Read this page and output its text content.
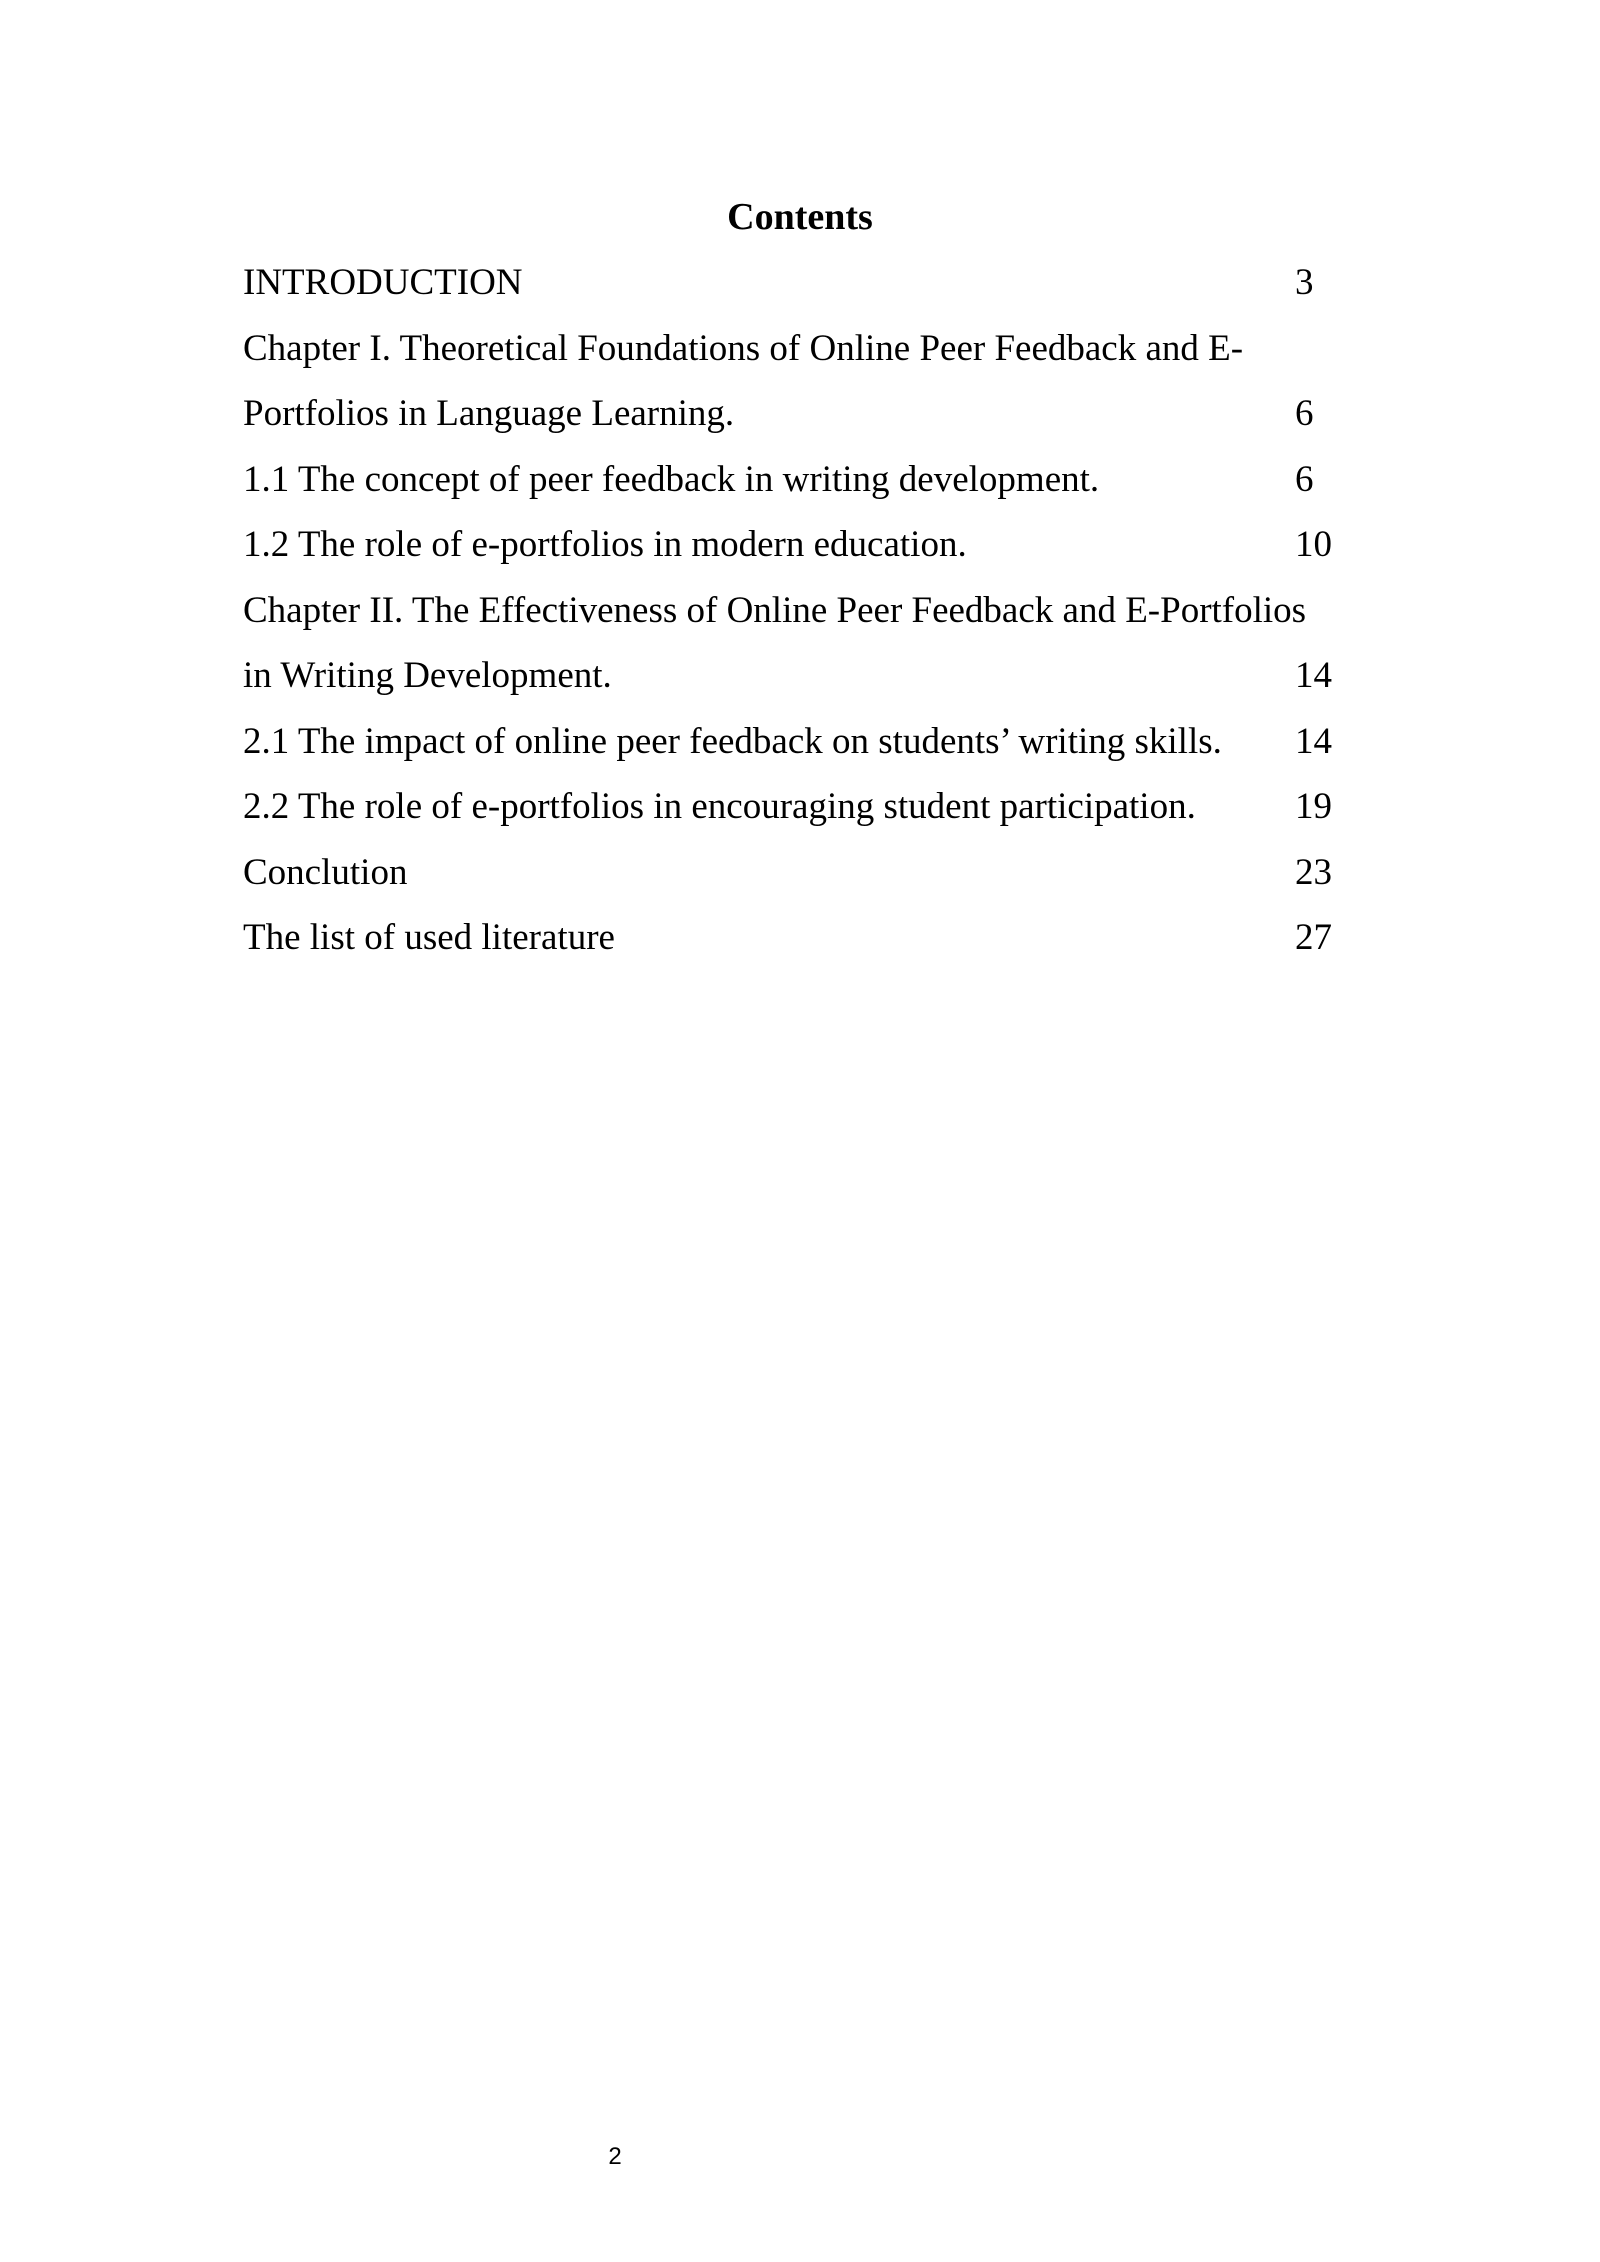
Contents
INTRODUCTION	3
Chapter I. Theoretical Foundations of Online Peer Feedback and E-
Portfolios in Language Learning.	6
1.1 The concept of peer feedback in writing development.	6
1.2 The role of e-portfolios in modern education.	10
Chapter II. The Effectiveness of Online Peer Feedback and E-Portfolios
in Writing Development.	14
2.1 The impact of online peer feedback on students’ writing skills. 14
2.2 The role of e-portfolios in encouraging student participation.	19
Conclution	23
The list of used literature	27
2
